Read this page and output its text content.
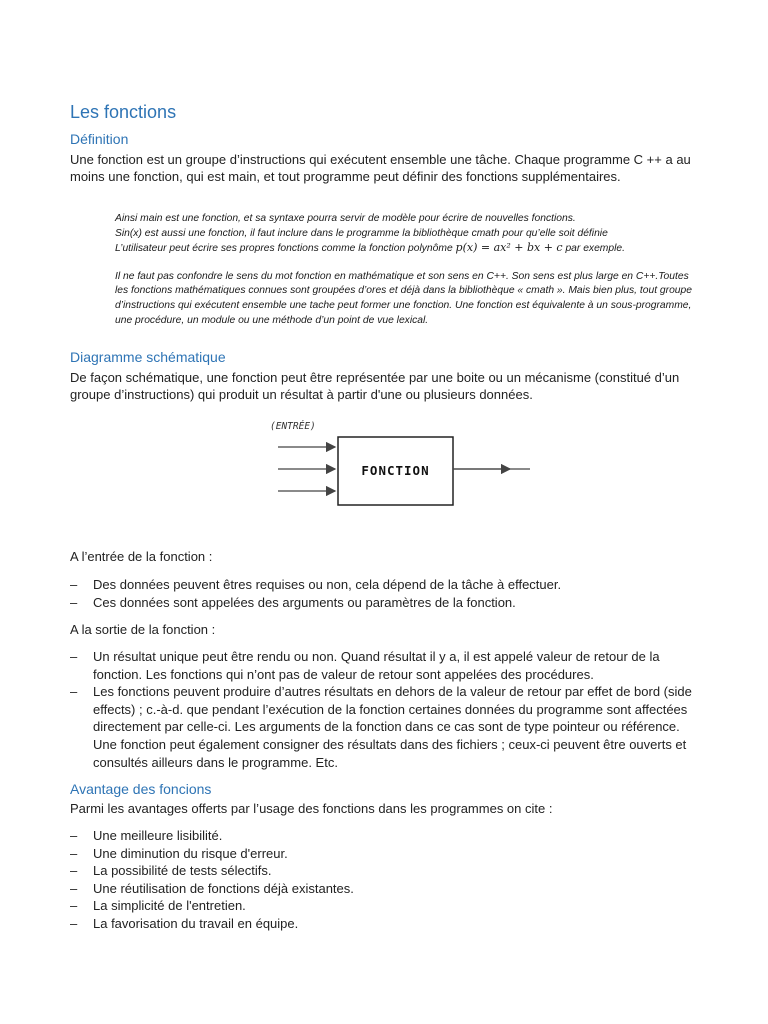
Les fonctions
Définition

Une fonction est un groupe d’instructions qui exécutent ensemble une tâche. Chaque programme C ++ a au moins une fonction, qui est main, et tout programme peut définir des fonctions supplémentaires.

Ainsi main est une fonction, et sa syntaxe pourra servir de modèle pour écrire de nouvelles fonctions.
Sin(x) est aussi une fonction, il faut inclure dans le programme la bibliothèque cmath pour qu’elle soit définie
L’utilisateur peut écrire ses propres fonctions comme la fonction polynôme p(x) = ax² + bx + c par exemple.
Il ne faut pas confondre le sens du mot fonction en mathématique et son sens en C++. Son sens est plus large en C++.Toutes les fonctions mathématiques connues sont groupées d’ores et déjà dans la bibliothèque « cmath ». Mais bien plus, tout groupe d’instructions qui exécutent ensemble une tache peut former une fonction. Une fonction est équivalente à un sous-programme, une procédure, un module ou une méthode d’un point de vue lexical.
Diagramme schématique

De façon schématique, une fonction peut être représentée par une boite ou un mécanisme (constitué d’un groupe d’instructions) qui produit un résultat à partir d'une ou plusieurs données.

(ENTRÉE)
FONCTION

A l’entrée de la fonction :

– Des données peuvent êtres requises ou non, cela dépend de la tâche à effectuer.
– Ces données sont appelées des arguments ou paramètres de la fonction.

A la sortie de la fonction :

– Un résultat unique peut être rendu ou non. Quand résultat il y a, il est appelé valeur de retour de la fonction. Les fonctions qui n’ont pas de valeur de retour sont appelées des procédures.
– Les fonctions peuvent produire d’autres résultats en dehors de la valeur de retour par effet de bord (side effects) ; c.-à-d. que pendant l’exécution de la fonction certaines données du programme sont affectées directement par celle-ci. Les arguments de la fonction dans ce cas sont de type pointeur ou référence. Une fonction peut également consigner des résultats dans des fichiers ; ceux-ci peuvent être ouverts et consultés ailleurs dans le programme. Etc.
Avantage des foncions

Parmi les avantages offerts par l’usage des fonctions dans les programmes on cite :

– Une meilleure lisibilité.
– Une diminution du risque d'erreur.
– La possibilité de tests sélectifs.
– Une réutilisation de fonctions déjà existantes.
– La simplicité de l'entretien.
– La favorisation du travail en équipe.
